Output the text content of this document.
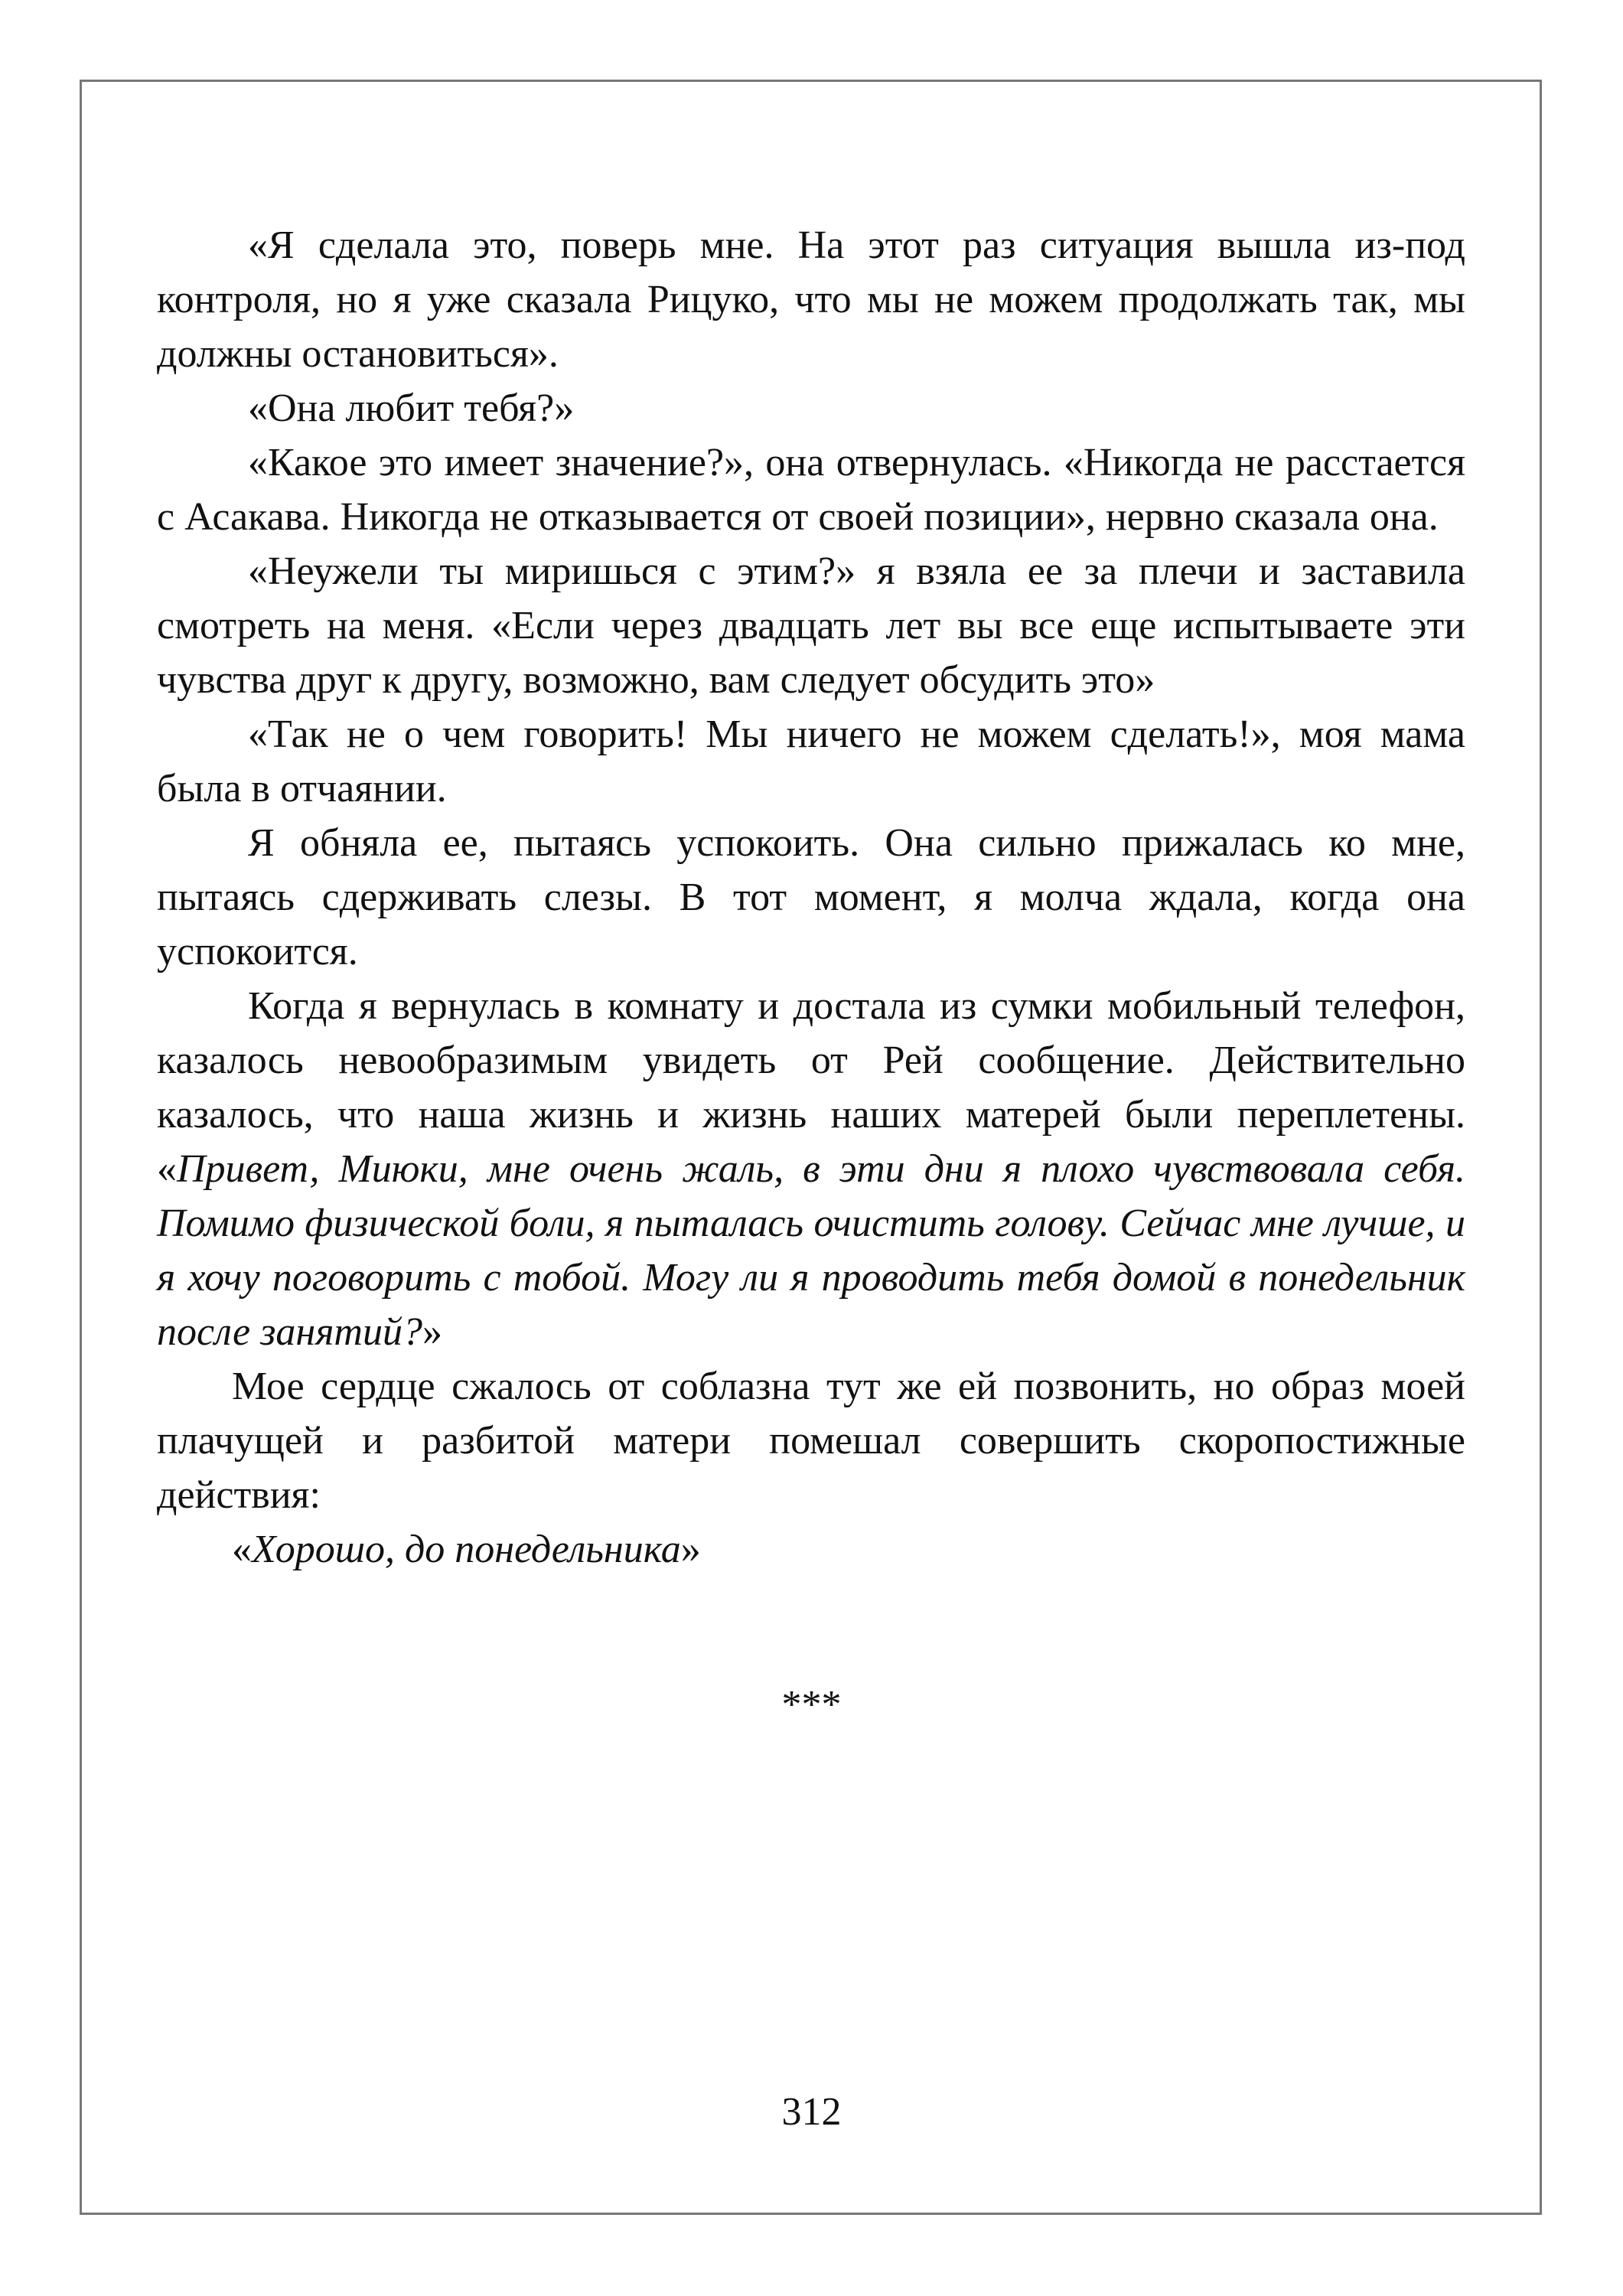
«Я сделала это, поверь мне. На этот раз ситуация вышла из-под контроля, но я уже сказала Рицуко, что мы не можем продолжать так, мы должны остановиться».

«Она любит тебя?»

«Какое это имеет значение?», она отвернулась. «Никогда не расстается с Асакава. Никогда не отказывается от своей позиции», нервно сказала она.

«Неужели ты миришься с этим?» я взяла ее за плечи и заставила смотреть на меня. «Если через двадцать лет вы все еще испытываете эти чувства друг к другу, возможно, вам следует обсудить это»

«Так не о чем говорить! Мы ничего не можем сделать!», моя мама была в отчаянии.

Я обняла ее, пытаясь успокоить. Она сильно прижалась ко мне, пытаясь сдерживать слезы. В тот момент, я молча ждала, когда она успокоится.

Когда я вернулась в комнату и достала из сумки мобильный телефон, казалось невообразимым увидеть от Рей сообщение. Действительно казалось, что наша жизнь и жизнь наших матерей были переплетены. «Привет, Миюки, мне очень жаль, в эти дни я плохо чувствовала себя. Помимо физической боли, я пыталась очистить голову. Сейчас мне лучше, и я хочу поговорить с тобой. Могу ли я проводить тебя домой в понедельник после занятий?»

Мое сердце сжалось от соблазна тут же ей позвонить, но образ моей плачущей и разбитой матери помешал совершить скоропостижные действия:

«Хорошо, до понедельника»

***
312
